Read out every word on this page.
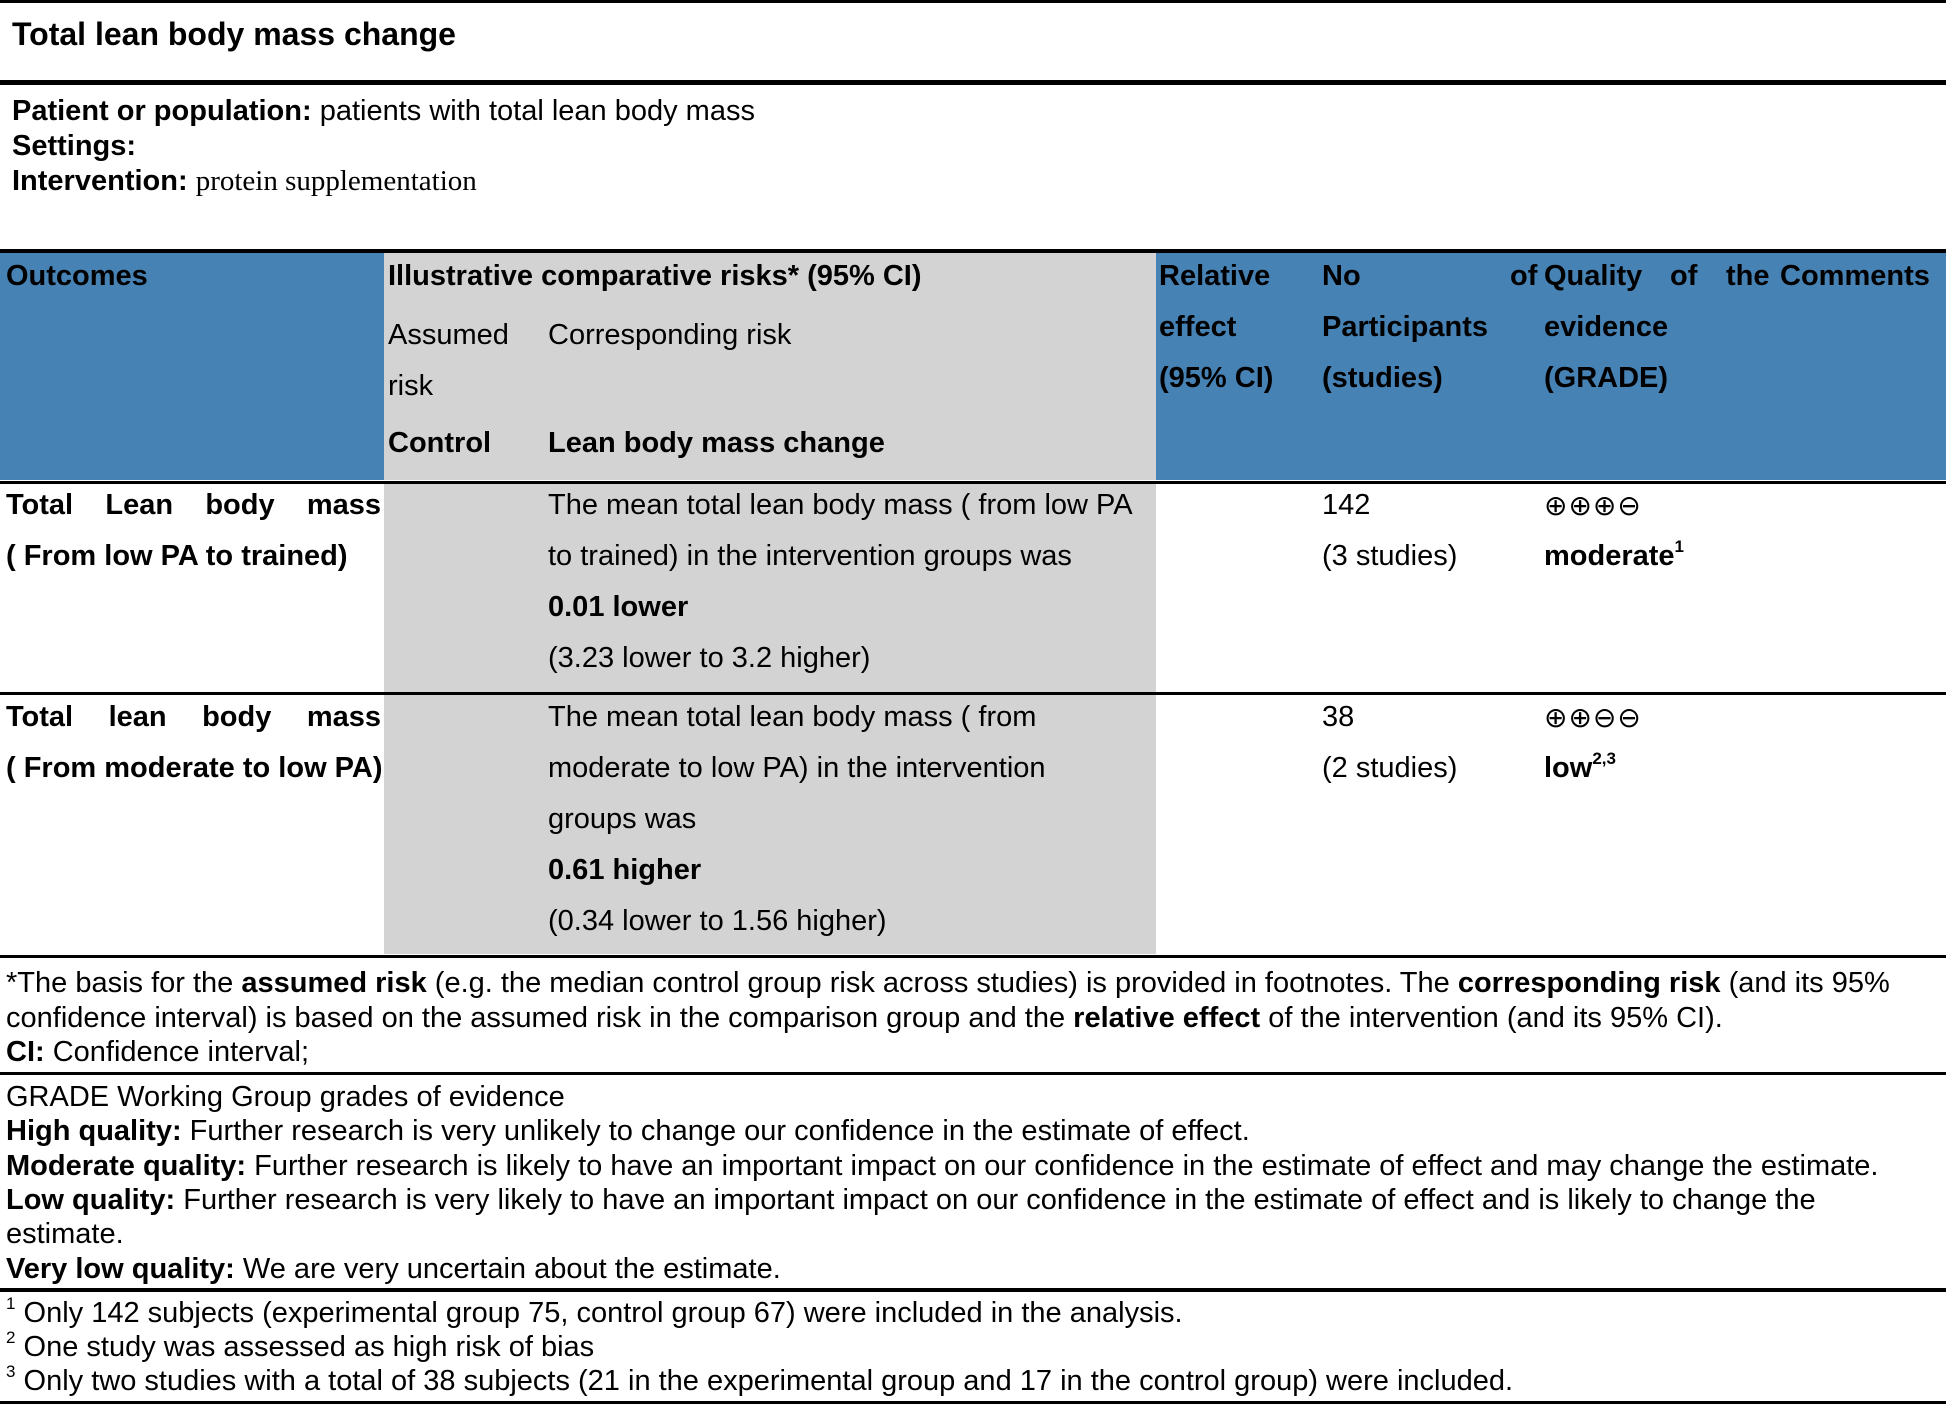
Total lean body mass change
Patient or population: patients with total lean body mass
Settings:
Intervention: protein supplementation
Outcomes	Illustrative comparative risks* (95% CI)
Assumed
risk
Corresponding risk
Control Lean body mass change
Relative
effect
(95% CI)
No	of
Participants
(studies)
Quality of the
evidence
(GRADE)
Comments
Total Lean body mass
( From low PA to trained)
The mean total lean body mass ( from low PA
to trained) in the intervention groups was
0.01 lower
(3.23 lower to 3.2 higher)
142
(3 studies)
⊕⊕⊕⊖
moderate$^1$
Total lean body mass
( From moderate to low PA)
The mean total lean body mass ( from
moderate to low PA) in the intervention
groups was
0.61 higher
(0.34 lower to 1.56 higher)
38
(2 studies)
⊕⊕⊖⊖
low$^{2,3}$
*The basis for the assumed risk (e.g. the median control group risk across studies) is provided in footnotes. The corresponding risk (and its 95%
confidence interval) is based on the assumed risk in the comparison group and the relative effect of the intervention (and its 95% CI).
CI: Confidence interval;
GRADE Working Group grades of evidence
High quality: Further research is very unlikely to change our confidence in the estimate of effect.
Moderate quality: Further research is likely to have an important impact on our confidence in the estimate of effect and may change the estimate.
Low quality: Further research is very likely to have an important impact on our confidence in the estimate of effect and is likely to change the
estimate.
Very low quality: We are very uncertain about the estimate.
$^1$ Only 142 subjects (experimental group 75, control group 67) were included in the analysis.
$^2$ One study was assessed as high risk of bias
$^3$ Only two studies with a total of 38 subjects (21 in the experimental group and 17 in the control group) were included.
